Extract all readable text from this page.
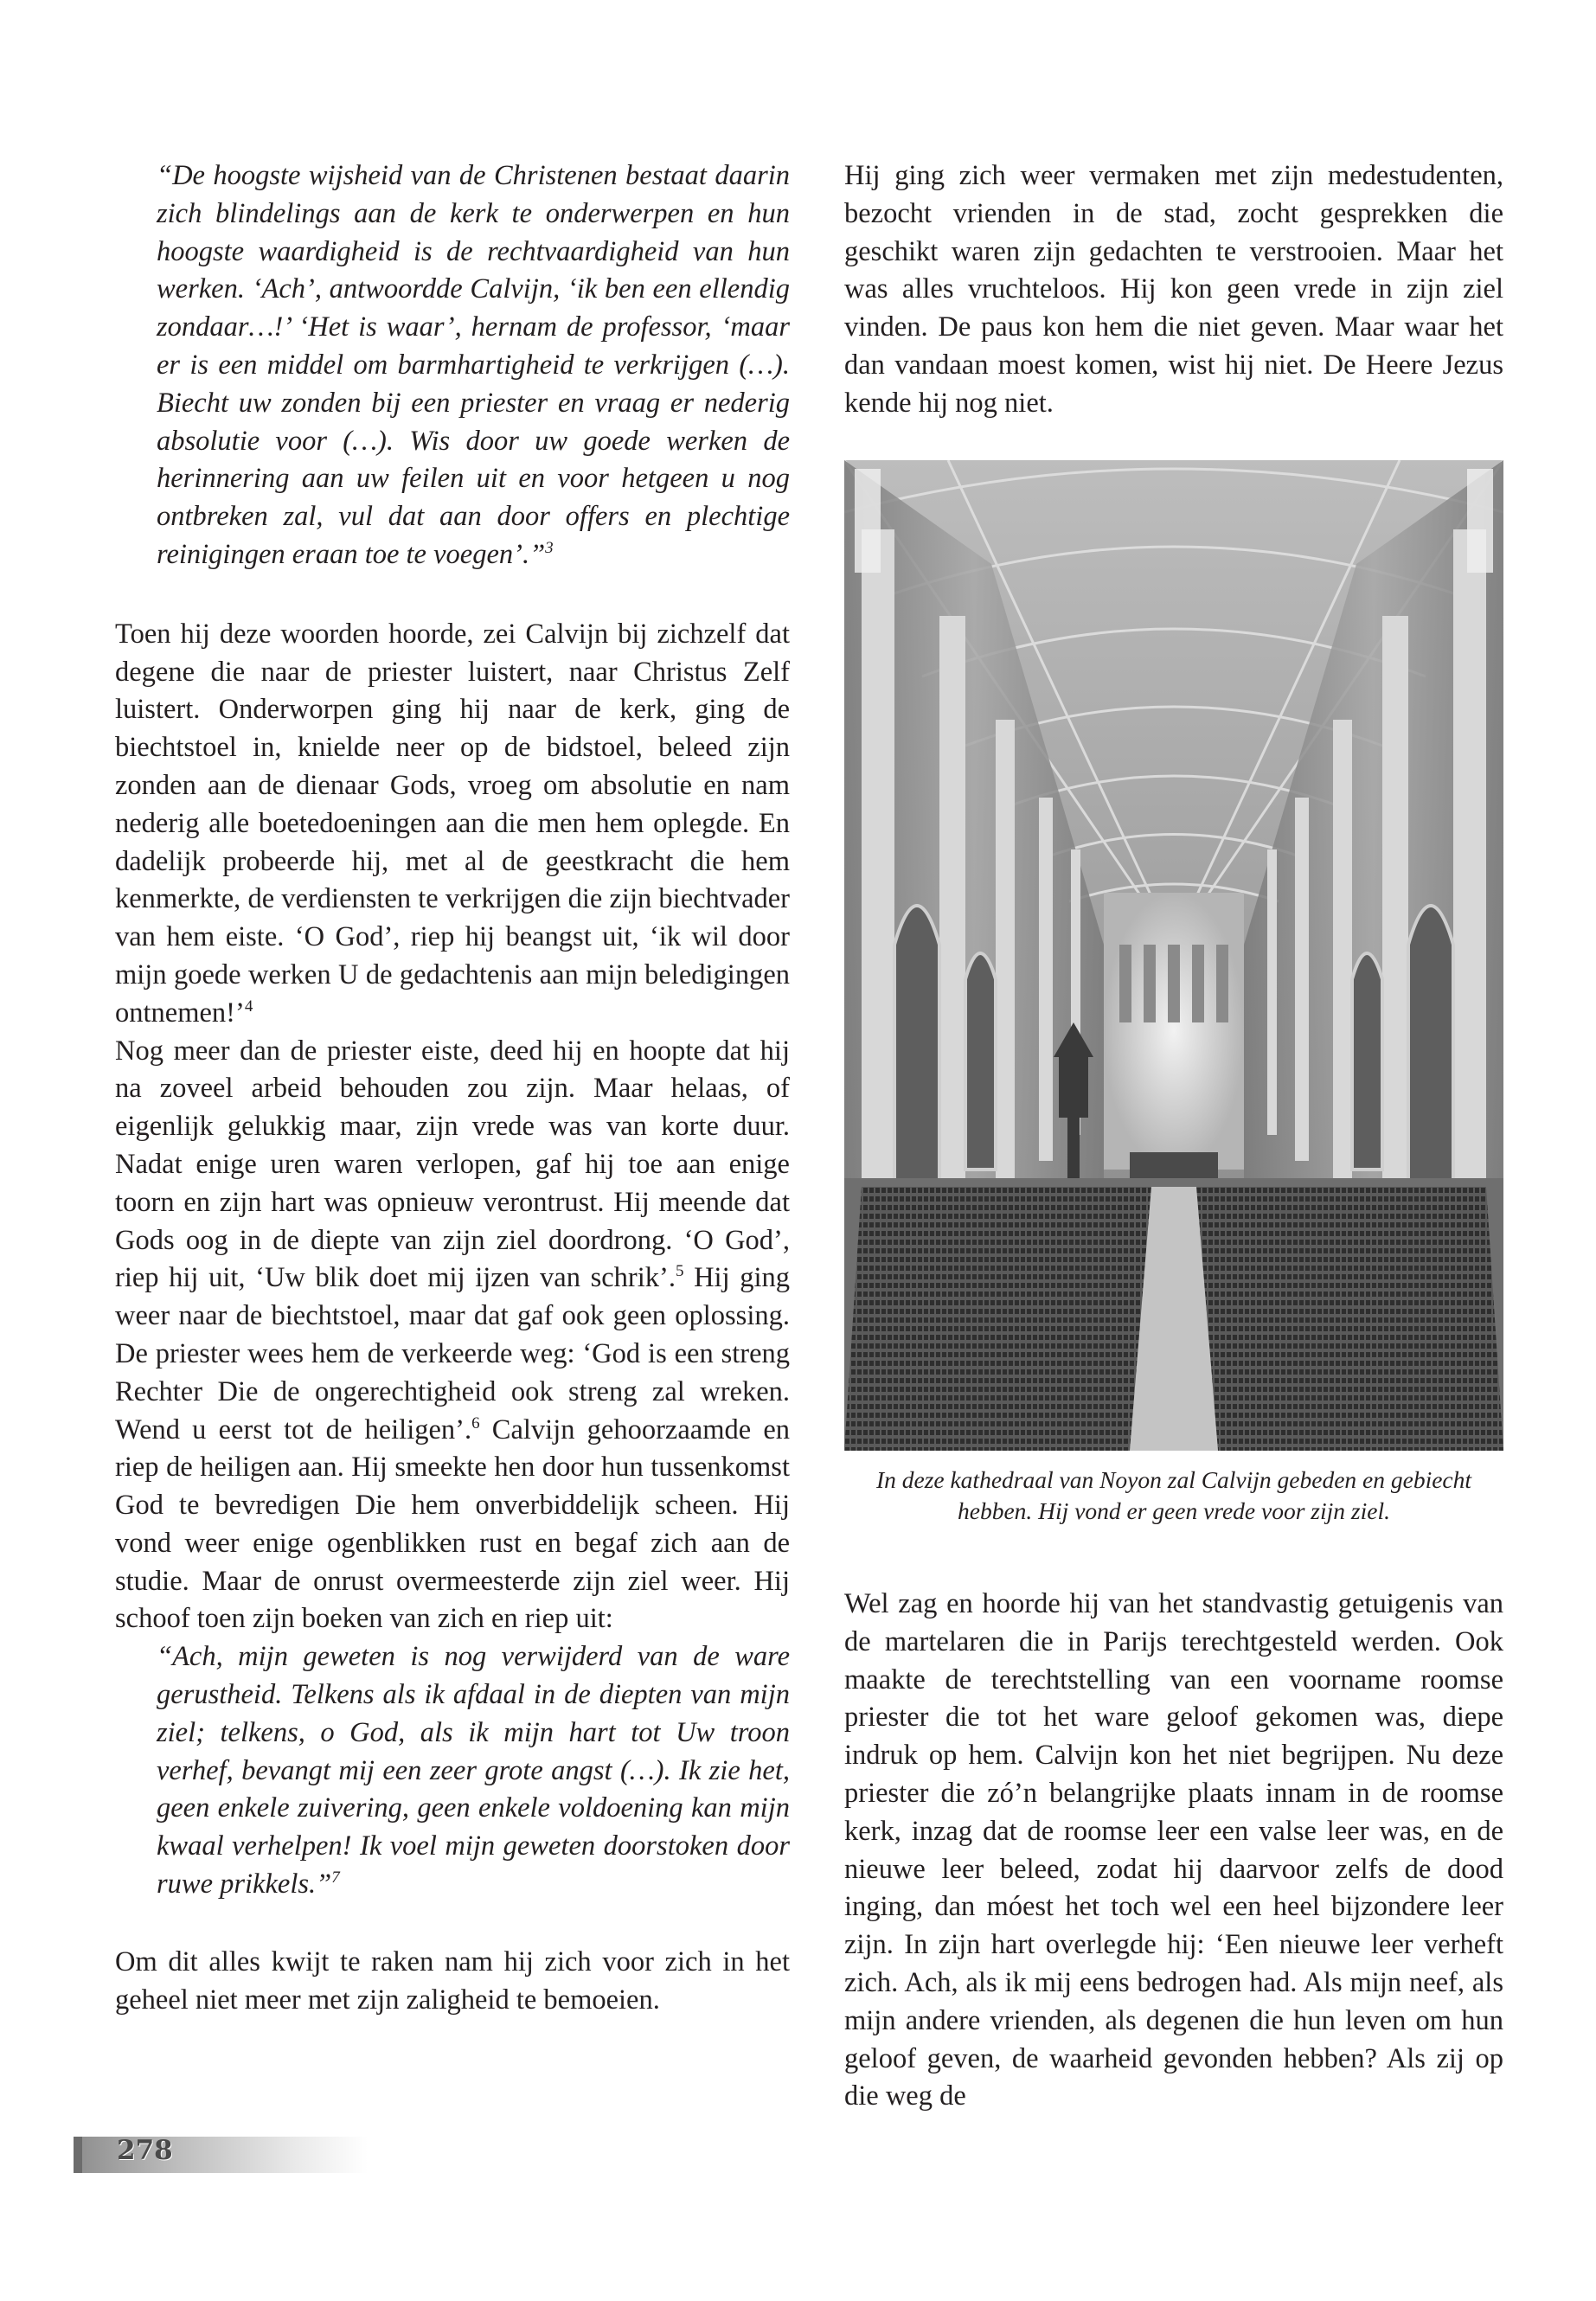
“De hoogste wijsheid van de Christenen bestaat daarin zich blindelings aan de kerk te onderwerpen en hun hoogste waardigheid is de rechtvaardigheid van hun werken. ‘Ach’, antwoordde Calvijn, ‘ik ben een ellendig zondaar…!’ ‘Het is waar’, hernam de professor, ‘maar er is een middel om barmhartigheid te verkrijgen (…). Biecht uw zonden bij een priester en vraag er nederig absolutie voor (…). Wis door uw goede werken de herinnering aan uw feilen uit en voor hetgeen u nog ontbreken zal, vul dat aan door offers en plechtige reinigingen eraan toe te voegen’.”$^3$

Toen hij deze woorden hoorde, zei Calvijn bij zichzelf dat degene die naar de priester luistert, naar Christus Zelf luistert. Onderworpen ging hij naar de kerk, ging de biechtstoel in, knielde neer op de bidstoel, beleed zijn zonden aan de dienaar Gods, vroeg om absolutie en nam nederig alle boetedoeningen aan die men hem oplegde. En dadelijk probeerde hij, met al de geestkracht die hem kenmerkte, de verdiensten te verkrijgen die zijn biechtvader van hem eiste. ‘O God’, riep hij beangst uit, ‘ik wil door mijn goede werken U de gedachtenis aan mijn beledigingen ontnemen!’$^4$

Nog meer dan de priester eiste, deed hij en hoopte dat hij na zoveel arbeid behouden zou zijn. Maar helaas, of eigenlijk gelukkig maar, zijn vrede was van korte duur. Nadat enige uren waren verlopen, gaf hij toe aan enige toorn en zijn hart was opnieuw verontrust. Hij meende dat Gods oog in de diepte van zijn ziel doordrong. ‘O God’, riep hij uit, ‘Uw blik doet mij ijzen van schrik’.$^5$ Hij ging weer naar de biechtstoel, maar dat gaf ook geen oplossing. De priester wees hem de verkeerde weg: ‘God is een streng Rechter Die de ongerechtigheid ook streng zal wreken. Wend u eerst tot de heiligen’.$^6$ Calvijn gehoorzaamde en riep de heiligen aan. Hij smeekte hen door hun tussenkomst God te bevredigen Die hem onverbiddelijk scheen. Hij vond weer enige ogenblikken rust en begaf zich aan de studie. Maar de onrust overmeesterde zijn ziel weer. Hij schoof toen zijn boeken van zich en riep uit:

“Ach, mijn geweten is nog verwijderd van de ware gerustheid. Telkens als ik afdaal in de diepten van mijn ziel; telkens, o God, als ik mijn hart tot Uw troon verhef, bevangt mij een zeer grote angst (…). Ik zie het, geen enkele zuivering, geen enkele voldoening kan mijn kwaal verhelpen! Ik voel mijn geweten doorstoken door ruwe prikkels.”$^7$

Om dit alles kwijt te raken nam hij zich voor zich in het geheel niet meer met zijn zaligheid te bemoeien.

Hij ging zich weer vermaken met zijn medestudenten, bezocht vrienden in de stad, zocht gesprekken die geschikt waren zijn gedachten te verstrooien. Maar het was alles vruchteloos. Hij kon geen vrede in zijn ziel vinden. De paus kon hem die niet geven. Maar waar het dan vandaan moest komen, wist hij niet. De Heere Jezus kende hij nog niet.

In deze kathedraal van Noyon zal Calvijn gebeden en gebiecht hebben. Hij vond er geen vrede voor zijn ziel.

Wel zag en hoorde hij van het standvastig getuigenis van de martelaren die in Parijs terechtgesteld werden. Ook maakte de terechtstelling van een voorname roomse priester die tot het ware geloof gekomen was, diepe indruk op hem. Calvijn kon het niet begrijpen. Nu deze priester die zó’n belangrijke plaats innam in de roomse kerk, inzag dat de roomse leer een valse leer was, en de nieuwe leer beleed, zodat hij daarvoor zelfs de dood inging, dan móest het toch wel een heel bijzondere leer zijn. In zijn hart overlegde hij: ‘Een nieuwe leer verheft zich. Ach, als ik mij eens bedrogen had. Als mijn neef, als mijn andere vrienden, als degenen die hun leven om hun geloof geven, de waarheid gevonden hebben? Als zij op die weg de

278
